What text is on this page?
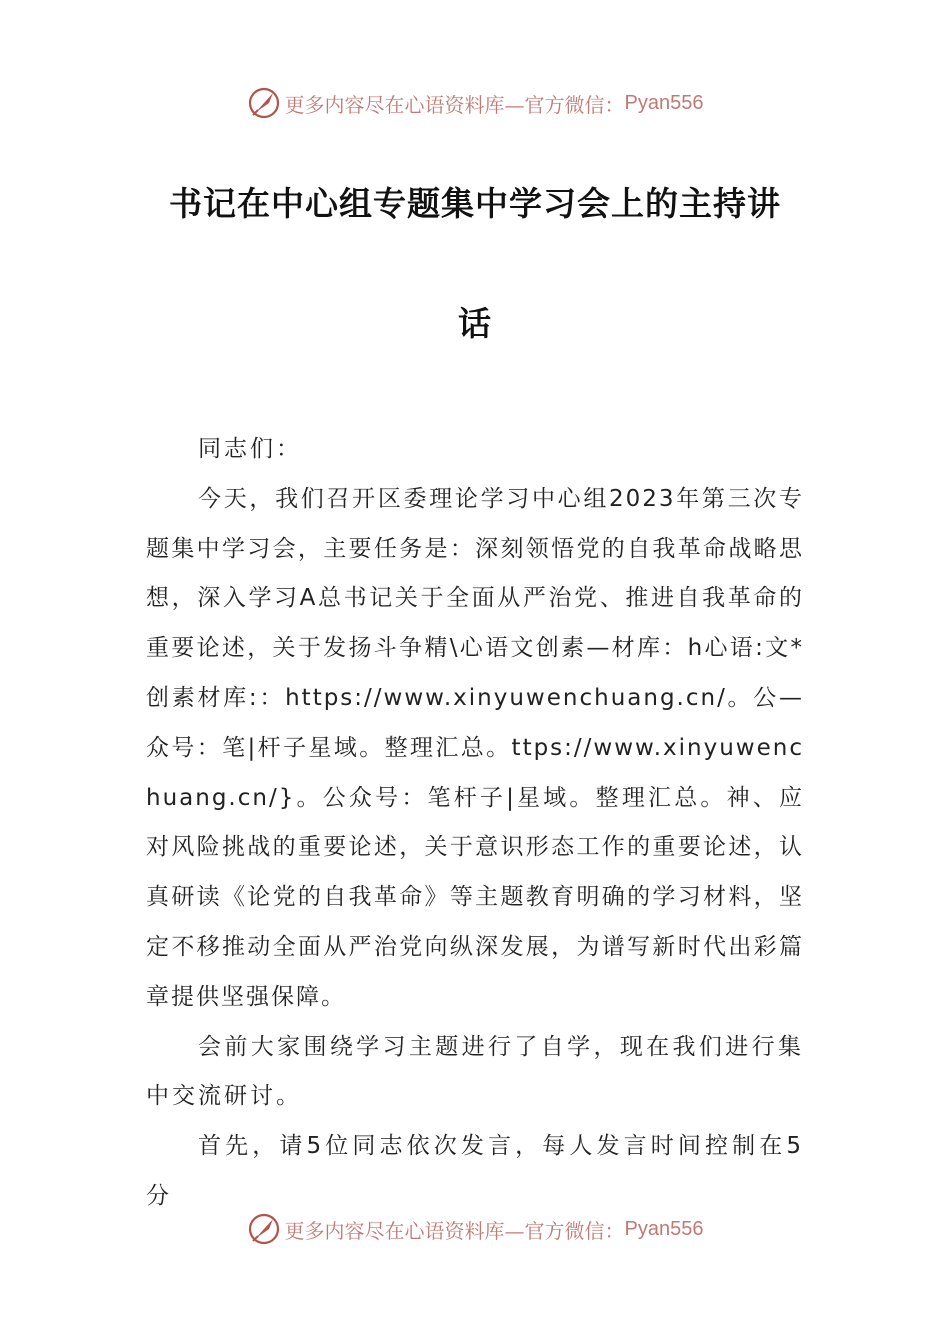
更多内容尽在心语资料库—官方微信： Pyan556
书记在中心组专题集中学习会上的主持讲
话

同志们：

今天，我们召开区委理论学习中心组2023年第三次专题集中学习会，主要任务是：深刻领悟党的自我革命战略思想，深入学习A总书记关于全面从严治党、推进自我革命的重要论述，关于发扬斗争精\心语文创素—材库：h心语:文*创素材库:：https://www.xinyuwenchuang.cn/。公—众号：笔|杆子星域。整理汇总。ttps://www.xinyuwenchuang.cn/}。公众号：笔杆子|星域。整理汇总。神、应对风险挑战的重要论述，关于意识形态工作的重要论述，认真研读《论党的自我革命》等主题教育明确的学习材料，坚定不移推动全面从严治党向纵深发展，为谱写新时代出彩篇章提供坚强保障。

会前大家围绕学习主题进行了自学，现在我们进行集中交流研讨。

首先，请5位同志依次发言，每人发言时间控制在5分

更多内容尽在心语资料库—官方微信： Pyan556
